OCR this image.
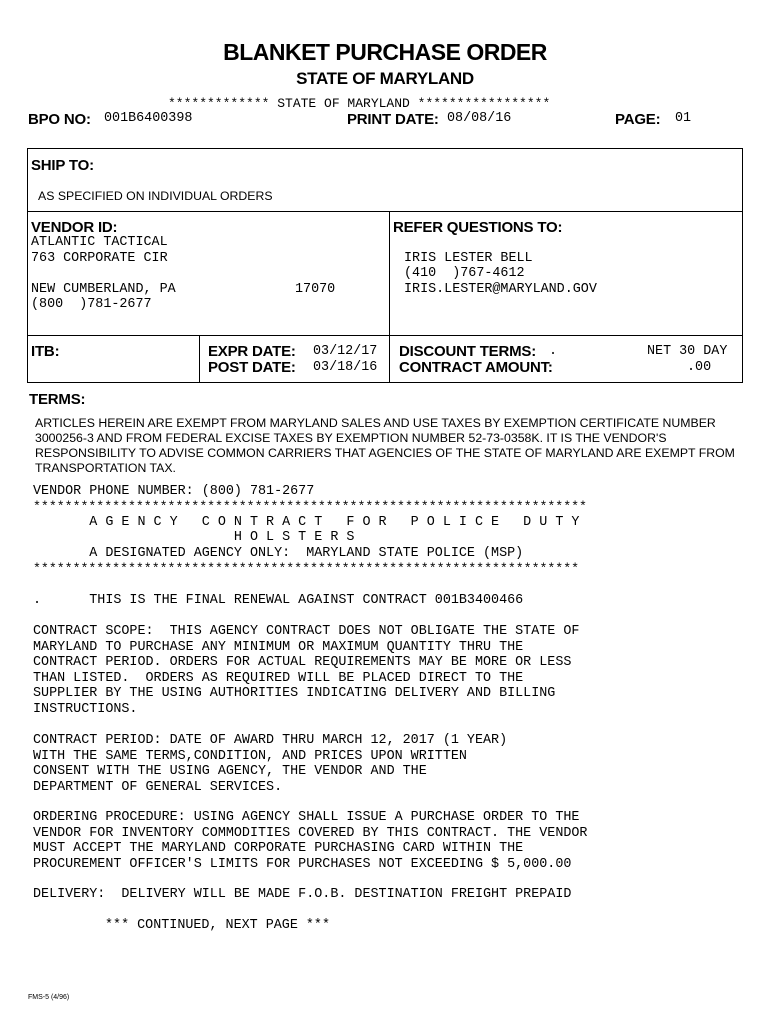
BLANKET PURCHASE ORDER
STATE OF MARYLAND
************* STATE OF MARYLAND *****************
BPO NO: 001B6400398	PRINT DATE: 08/08/16	PAGE: 01
SHIP TO:
AS SPECIFIED ON INDIVIDUAL ORDERS
VENDOR ID:
ATLANTIC TACTICAL
763 CORPORATE CIR
NEW CUMBERLAND, PA	17070
(800  )781-2677
REFER QUESTIONS TO:
IRIS LESTER BELL
(410  )767-4612
IRIS.LESTER@MARYLAND.GOV
ITB:	EXPR DATE: 03/12/17
POST DATE: 03/18/16
DISCOUNT TERMS: .	NET 30 DAY
CONTRACT AMOUNT:	.00
TERMS:
ARTICLES HEREIN ARE EXEMPT FROM MARYLAND SALES AND USE TAXES BY EXEMPTION CERTIFICATE NUMBER 3000256-3 AND FROM FEDERAL EXCISE TAXES BY EXEMPTION NUMBER 52-73-0358K. IT IS THE VENDOR'S RESPONSIBILITY TO ADVISE COMMON CARRIERS THAT AGENCIES OF THE STATE OF MARYLAND ARE EXEMPT FROM TRANSPORTATION TAX.
VENDOR PHONE NUMBER: (800) 781-2677
**********************************************************************
A G E N C Y   C O N T R A C T   F O R   P O L I C E   D U T Y
H O L S T E R S
A DESIGNATED AGENCY ONLY:  MARYLAND STATE POLICE (MSP)
*********************************************************************
.      THIS IS THE FINAL RENEWAL AGAINST CONTRACT 001B3400466
CONTRACT SCOPE:  THIS AGENCY CONTRACT DOES NOT OBLIGATE THE STATE OF
MARYLAND TO PURCHASE ANY MINIMUM OR MAXIMUM QUANTITY THRU THE
CONTRACT PERIOD. ORDERS FOR ACTUAL REQUIREMENTS MAY BE MORE OR LESS
THAN LISTED.  ORDERS AS REQUIRED WILL BE PLACED DIRECT TO THE
SUPPLIER BY THE USING AUTHORITIES INDICATING DELIVERY AND BILLING
INSTRUCTIONS.
CONTRACT PERIOD: DATE OF AWARD THRU MARCH 12, 2017 (1 YEAR)
WITH THE SAME TERMS,CONDITION, AND PRICES UPON WRITTEN
CONSENT WITH THE USING AGENCY, THE VENDOR AND THE
DEPARTMENT OF GENERAL SERVICES.
ORDERING PROCEDURE: USING AGENCY SHALL ISSUE A PURCHASE ORDER TO THE
VENDOR FOR INVENTORY COMMODITIES COVERED BY THIS CONTRACT. THE VENDOR
MUST ACCEPT THE MARYLAND CORPORATE PURCHASING CARD WITHIN THE
PROCUREMENT OFFICER'S LIMITS FOR PURCHASES NOT EXCEEDING $ 5,000.00
DELIVERY:  DELIVERY WILL BE MADE F.O.B. DESTINATION FREIGHT PREPAID
*** CONTINUED, NEXT PAGE ***
FMS-5 (4/96)
